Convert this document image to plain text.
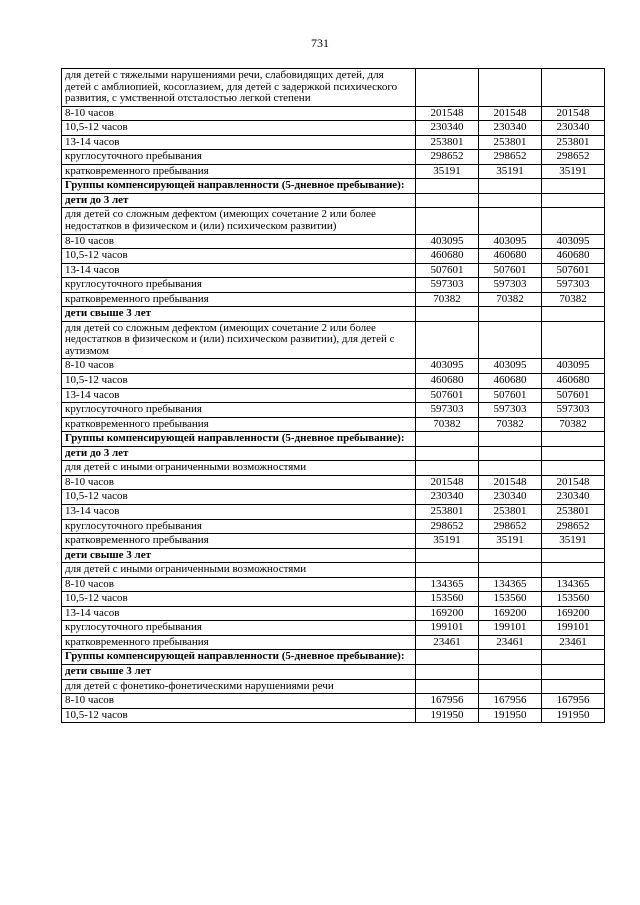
731
для детей с тяжелыми нарушениями речи, слабовидящих детей, для детей с амблиопией, косоглазием, для детей с задержкой психического развития, с умственной отсталостью легкой степени			
8-10 часов	201548	201548	201548
10,5-12 часов	230340	230340	230340
13-14 часов	253801	253801	253801
круглосуточного пребывания	298652	298652	298652
кратковременного пребывания	35191	35191	35191
Группы компенсирующей направленности (5-дневное пребывание):			
дети до 3 лет			
для детей со сложным дефектом (имеющих сочетание 2 или более недостатков в физическом и (или) психическом развитии)			
8-10 часов	403095	403095	403095
10,5-12 часов	460680	460680	460680
13-14 часов	507601	507601	507601
круглосуточного пребывания	597303	597303	597303
кратковременного пребывания	70382	70382	70382
дети свыше 3 лет			
для детей со сложным дефектом (имеющих сочетание 2 или более недостатков в физическом и (или) психическом развитии), для детей с аутизмом			
8-10 часов	403095	403095	403095
10,5-12 часов	460680	460680	460680
13-14 часов	507601	507601	507601
круглосуточного пребывания	597303	597303	597303
кратковременного пребывания	70382	70382	70382
Группы компенсирующей направленности (5-дневное пребывание):			
дети до 3 лет			
для детей с иными ограниченными возможностями			
8-10 часов	201548	201548	201548
10,5-12 часов	230340	230340	230340
13-14 часов	253801	253801	253801
круглосуточного пребывания	298652	298652	298652
кратковременного пребывания	35191	35191	35191
дети свыше 3 лет			
для детей с иными ограниченными возможностями			
8-10 часов	134365	134365	134365
10,5-12 часов	153560	153560	153560
13-14 часов	169200	169200	169200
круглосуточного пребывания	199101	199101	199101
кратковременного пребывания	23461	23461	23461
Группы компенсирующей направленности (5-дневное пребывание):			
дети свыше 3 лет			
для детей с фонетико-фонетическими нарушениями речи			
8-10 часов	167956	167956	167956
10,5-12 часов	191950	191950	191950
